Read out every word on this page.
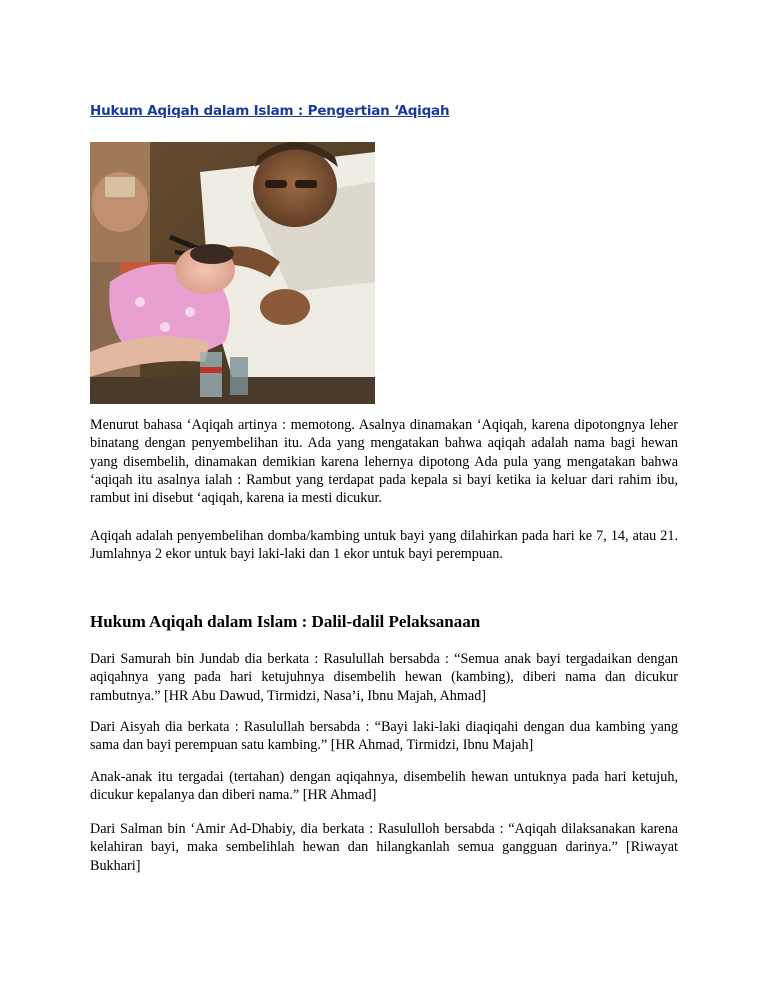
Hukum Aqiqah dalam Islam : Pengertian ‘Aqiqah

Menurut bahasa ‘Aqiqah artinya : memotong. Asalnya dinamakan ‘Aqiqah, karena dipotongnya leher binatang dengan penyembelihan itu. Ada yang mengatakan bahwa aqiqah adalah nama bagi hewan yang disembelih, dinamakan demikian karena lehernya dipotong Ada pula yang mengatakan bahwa ‘aqiqah itu asalnya ialah : Rambut yang terdapat pada kepala si bayi ketika ia keluar dari rahim ibu, rambut ini disebut ‘aqiqah, karena ia mesti dicukur.

Aqiqah adalah penyembelihan domba/kambing untuk bayi yang dilahirkan pada hari ke 7, 14, atau 21. Jumlahnya 2 ekor untuk bayi laki-laki dan 1 ekor untuk bayi perempuan.

Hukum Aqiqah dalam Islam : Dalil-dalil Pelaksanaan

Dari Samurah bin Jundab dia berkata : Rasulullah bersabda : “Semua anak bayi tergadaikan dengan aqiqahnya yang pada hari ketujuhnya disembelih hewan (kambing), diberi nama dan dicukur rambutnya.” [HR Abu Dawud, Tirmidzi, Nasa’i, Ibnu Majah, Ahmad]

Dari Aisyah dia berkata : Rasulullah bersabda : “Bayi laki-laki diaqiqahi dengan dua kambing yang sama dan bayi perempuan satu kambing.” [HR Ahmad, Tirmidzi, Ibnu Majah]

Anak-anak itu tergadai (tertahan) dengan aqiqahnya, disembelih hewan untuknya pada hari ketujuh, dicukur kepalanya dan diberi nama.” [HR Ahmad]

Dari Salman bin ‘Amir Ad-Dhabiy, dia berkata : Rasululloh bersabda : “Aqiqah dilaksanakan karena kelahiran bayi, maka sembelihlah hewan dan hilangkanlah semua gangguan darinya.” [Riwayat Bukhari]
